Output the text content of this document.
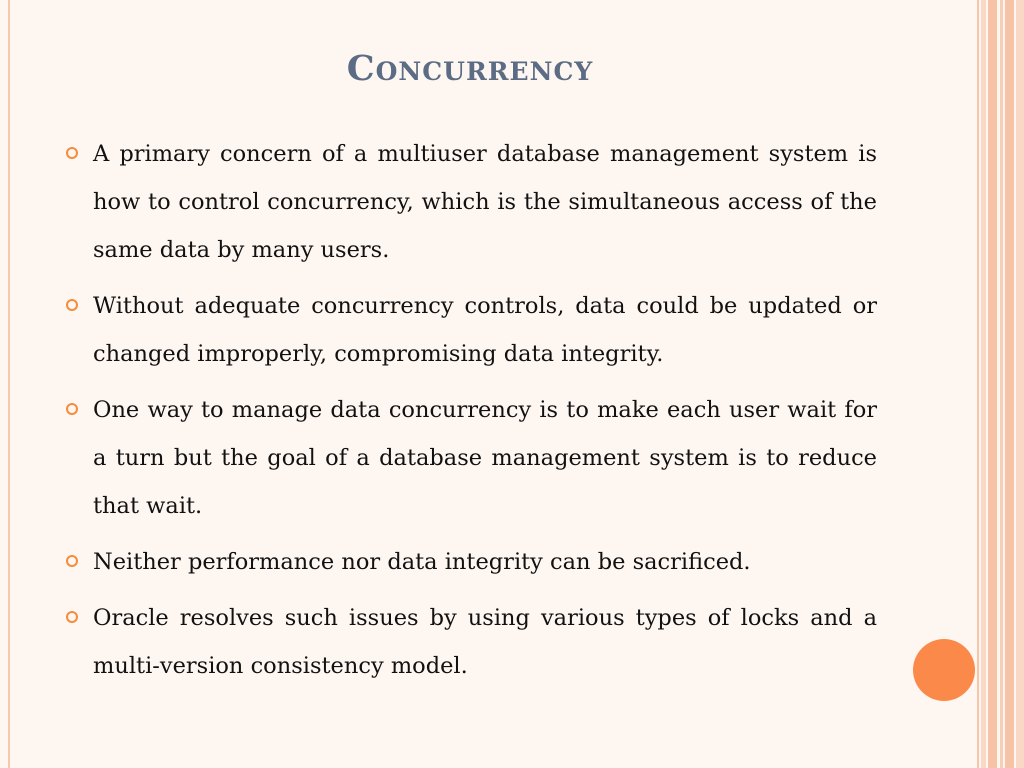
Concurrency
A primary concern of a multiuser database management system is how to control concurrency, which is the simultaneous access of the same data by many users.
Without adequate concurrency controls, data could be updated or changed improperly, compromising data integrity.
One way to manage data concurrency is to make each user wait for a turn but the goal of a database management system is to reduce that wait.
Neither performance nor data integrity can be sacrificed.
Oracle resolves such issues by using various types of locks and a multi-version consistency model.
